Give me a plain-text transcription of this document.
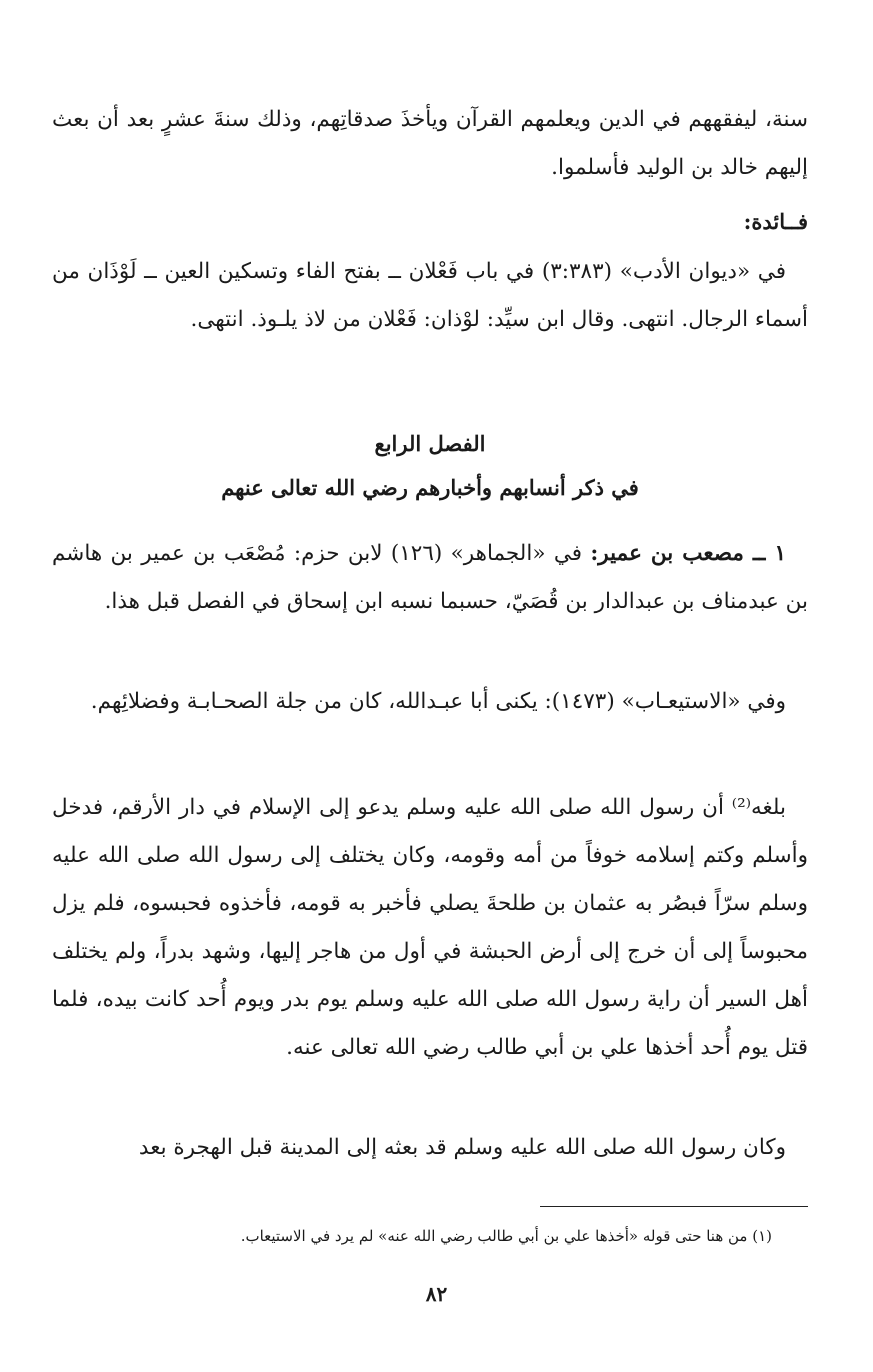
سنة، ليفقههم في الدين ويعلمهم القرآن ويأخذَ صدقاتِهم، وذلك سنةَ عشرٍ بعد أن بعث إليهم خالد بن الوليد فأسلموا.

فــائدة:

في «ديوان الأدب» (٣:٣٨٣) في باب فَعْلان ــ بفتح الفاء وتسكين العين ــ لَوْذَان من أسماء الرجال. انتهى. وقال ابن سيِّد: لوْذان: فَعْلان من لاذ يلـوذ. انتهى.

الفصل الرابع
في ذكر أنسابهم وأخبارهم رضي الله تعالى عنهم

١ ــ مصعب بن عمير: في «الجماهر» (١٢٦) لابن حزم: مُصْعَب بن عمير بن هاشم بن عبدمناف بن عبدالدار بن قُصَيّ، حسبما نسبه ابن إسحاق في الفصل قبل هذا.

وفي «الاستيعـاب» (١٤٧٣): يكنى أبا عبـدالله، كان من جلة الصحـابـة وفضلائِهم.

بلغه⁽²⁾ أن رسول الله صلى الله عليه وسلم يدعو إلى الإسلام في دار الأرقم، فدخل وأسلم وكتم إسلامه خوفاً من أمه وقومه، وكان يختلف إلى رسول الله صلى الله عليه وسلم سرّاً فبصُر به عثمان بن طلحةَ يصلي فأخبر به قومه، فأخذوه فحبسوه، فلم يزل محبوساً إلى أن خرج إلى أرض الحبشة في أول من هاجر إليها، وشهد بدراً، ولم يختلف أهل السير أن راية رسول الله صلى الله عليه وسلم يوم بدر ويوم أُحد كانت بيده، فلما قتل يوم أُحد أخذها علي بن أبي طالب رضي الله تعالى عنه.

وكان رسول الله صلى الله عليه وسلم قد بعثه إلى المدينة قبل الهجرة بعد

(١) من هنا حتى قوله «أخذها علي بن أبي طالب رضي الله عنه» لم يرد في الاستيعاب.
٨٢
